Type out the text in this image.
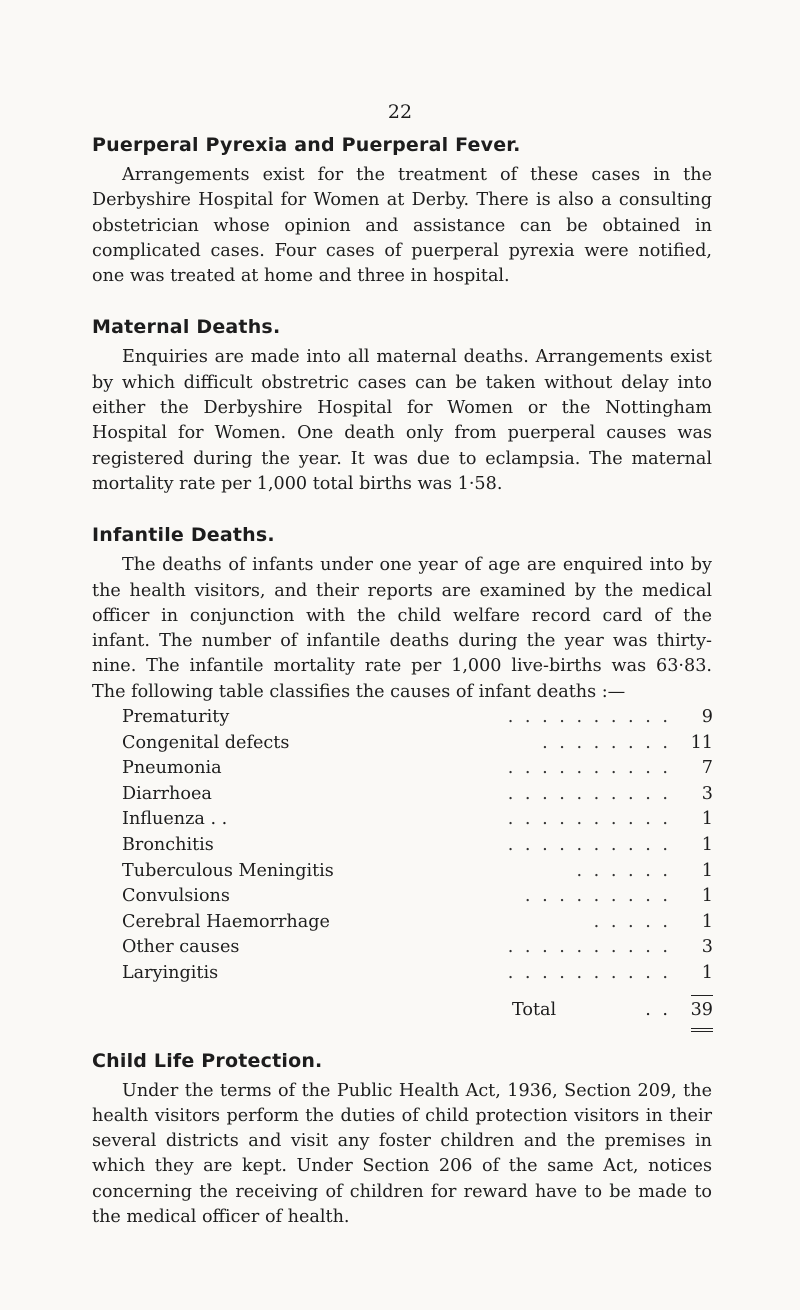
22
Puerperal Pyrexia and Puerperal Fever.

Arrangements exist for the treatment of these cases in the Derbyshire Hospital for Women at Derby. There is also a consulting obstetrician whose opinion and assistance can be obtained in complicated cases. Four cases of puerperal pyrexia were notified, one was treated at home and three in hospital.

Maternal Deaths.

Enquiries are made into all maternal deaths. Arrangements exist by which difficult obstretric cases can be taken without delay into either the Derbyshire Hospital for Women or the Nottingham Hospital for Women. One death only from puerperal causes was registered during the year. It was due to eclampsia. The maternal mortality rate per 1,000 total births was 1·58.

Infantile Deaths.

The deaths of infants under one year of age are enquired into by the health visitors, and their reports are examined by the medical officer in conjunction with the child welfare record card of the infant. The number of infantile deaths during the year was thirty-nine. The infantile mortality rate per 1,000 live-births was 63·83. The following table classifies the causes of infant deaths :—

Prematurity	. . . . . . . . . .	9
Congenital defects	. . . . . . . .	11
Pneumonia	. . . . . . . . . .	7
Diarrhoea	. . . . . . . . . .	3
Influenza . .	. . . . . . . . . .	1
Bronchitis	. . . . . . . . . .	1
Tuberculous Meningitis	. . . . . .	1
Convulsions	. . . . . . . . .	1
Cerebral Haemorrhage	. . . . .	1
Other causes	. . . . . . . . . .	3
Laryingitis	. . . . . . . . . .	1
Total	. .	39
Child Life Protection.

Under the terms of the Public Health Act, 1936, Section 209, the health visitors perform the duties of child protection visitors in their several districts and visit any foster children and the premises in which they are kept. Under Section 206 of the same Act, notices concerning the receiving of children for reward have to be made to the medical officer of health.
